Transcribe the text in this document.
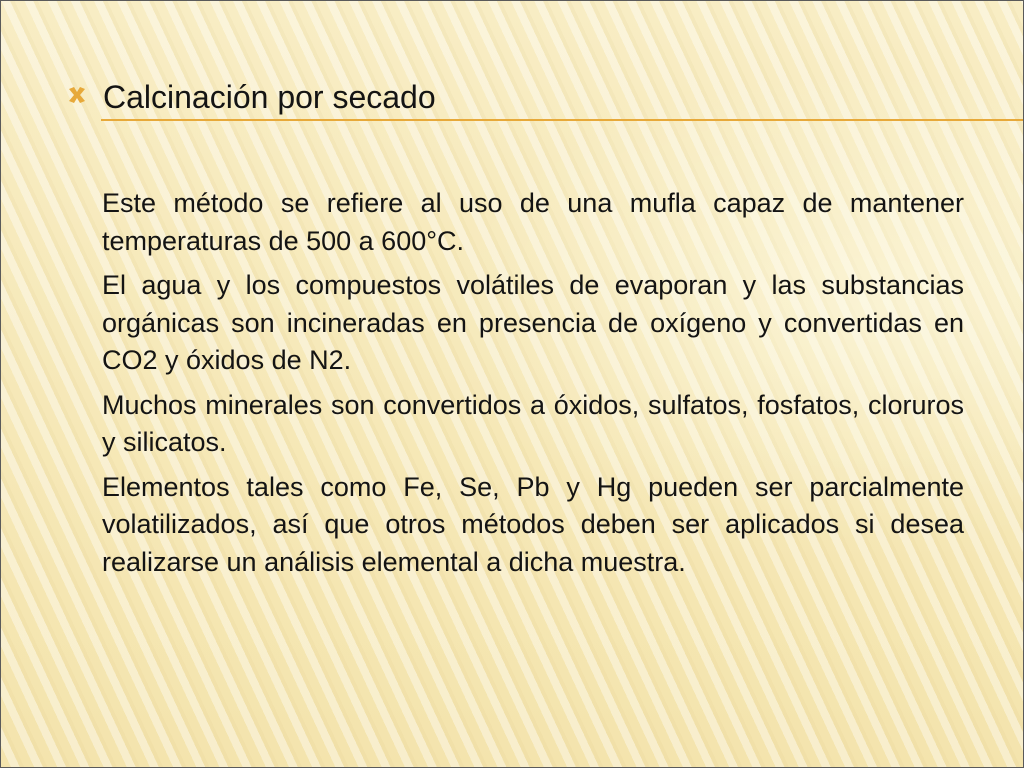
Calcinación por secado

Este método se refiere al uso de una mufla capaz de mantener temperaturas de 500 a 600°C.

El agua y los compuestos volátiles de evaporan y las substancias orgánicas son incineradas en presencia de oxígeno y convertidas en CO2 y óxidos de N2.

Muchos minerales son convertidos a óxidos, sulfatos, fosfatos, cloruros y silicatos.

Elementos tales como Fe, Se, Pb y Hg pueden ser parcialmente volatilizados, así que otros métodos deben ser aplicados si desea realizarse un análisis elemental a dicha muestra.
